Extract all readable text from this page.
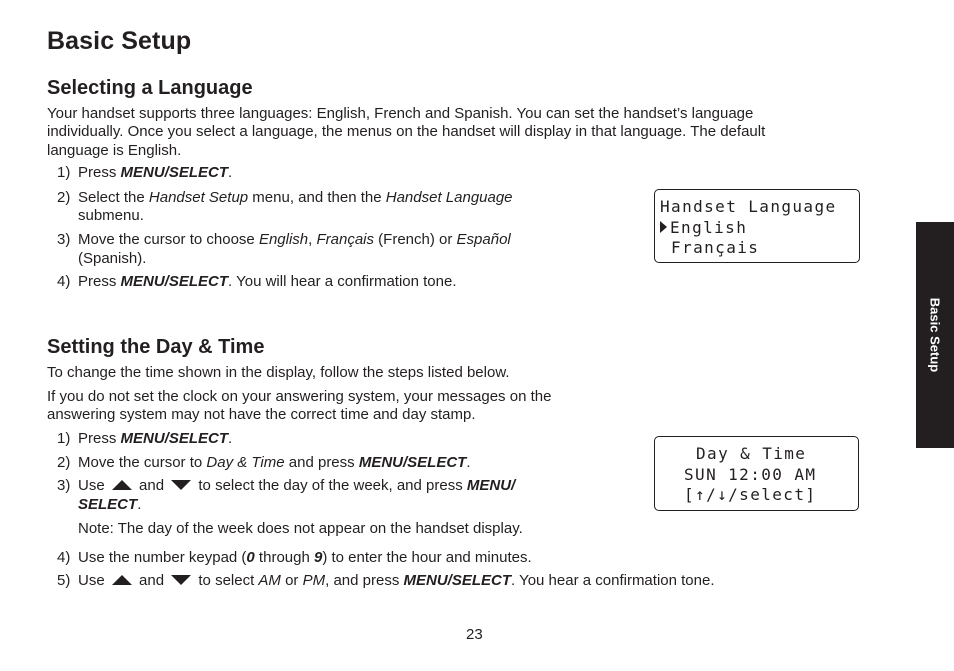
Basic Setup
Selecting a Language

Your handset supports three languages: English, French and Spanish. You can set the handset’s language

individually. Once you select a language, the menus on the handset will display in that language. The default

language is English.

1) Press MENU/SELECT.
2) Select the Handset Setup menu, and then the Handset Language
submenu.
3) Move the cursor to choose English, Français (French) or Español
(Spanish).
4) Press MENU/SELECT. You will hear a confirmation tone.
Handset Language
English
Français
Setting the Day & Time

To change the time shown in the display, follow the steps listed below.

If you do not set the clock on your answering system, your messages on the

answering system may not have the correct time and day stamp.

1) Press MENU/SELECT.
2) Move the cursor to Day & Time and press MENU/SELECT.
3) Use  and  to select the day of the week, and press MENU/
SELECT.

Note: The day of the week does not appear on the handset display.

4) Use the number keypad (0 through 9) to enter the hour and minutes.
5) Use  and  to select AM or PM, and press MENU/SELECT. You hear a confirmation tone.
Day & Time
SUN 12:00 AM
[↑/↓/select]
Basic Setup
23
